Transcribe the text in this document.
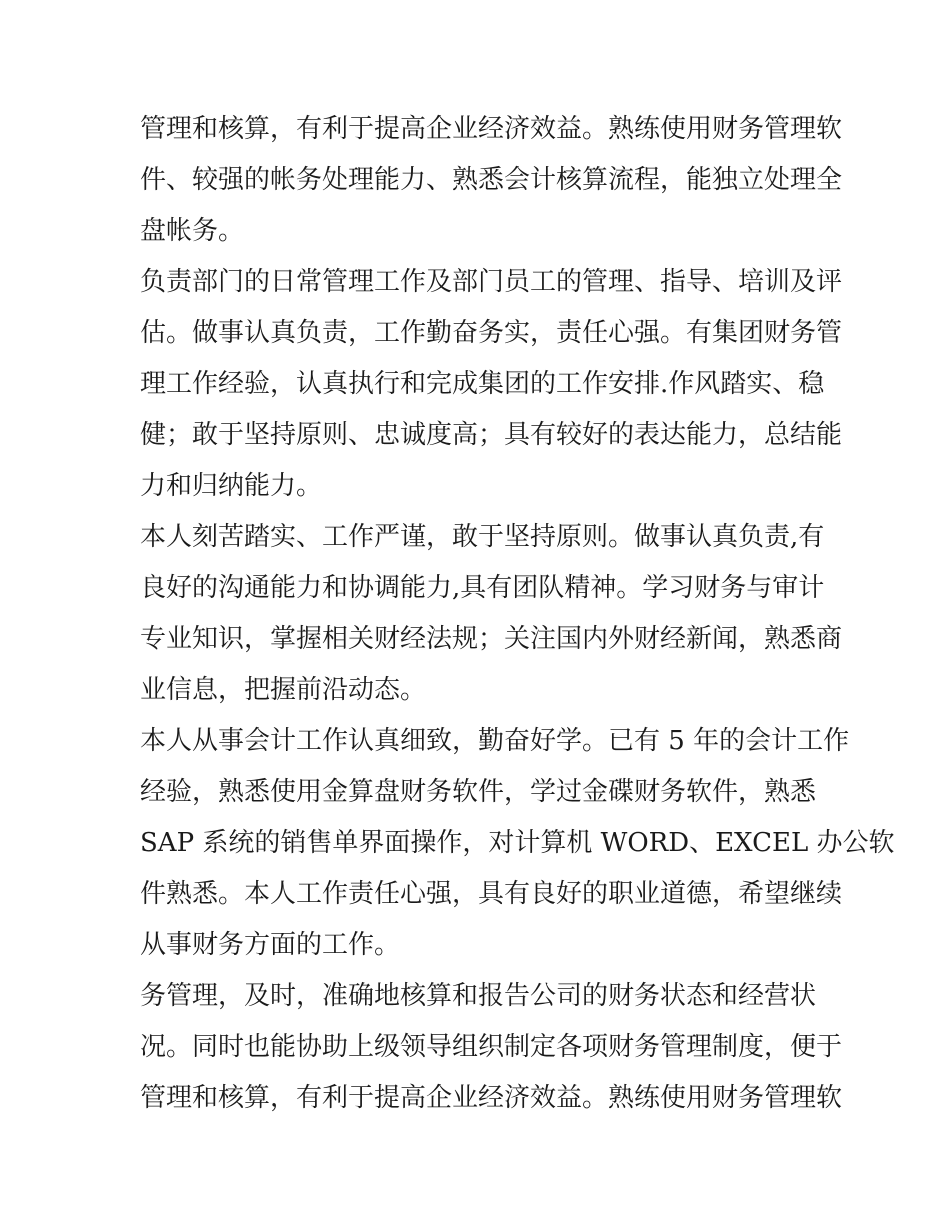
管理和核算，有利于提高企业经济效益。熟练使用财务管理软
件、较强的帐务处理能力、熟悉会计核算流程，能独立处理全
盘帐务。
负责部门的日常管理工作及部门员工的管理、指导、培训及评
估。做事认真负责，工作勤奋务实，责任心强。有集团财务管
理工作经验，认真执行和完成集团的工作安排.作风踏实、稳
健；敢于坚持原则、忠诚度高；具有较好的表达能力，总结能
力和归纳能力。
本人刻苦踏实、工作严谨，敢于坚持原则。做事认真负责,有
良好的沟通能力和协调能力,具有团队精神。学习财务与审计
专业知识，掌握相关财经法规；关注国内外财经新闻，熟悉商
业信息，把握前沿动态。
本人从事会计工作认真细致，勤奋好学。已有 5 年的会计工作
经验，熟悉使用金算盘财务软件，学过金碟财务软件，熟悉
SAP 系统的销售单界面操作，对计算机 WORD、EXCEL 办公软
件熟悉。本人工作责任心强，具有良好的职业道德，希望继续
从事财务方面的工作。
务管理，及时，准确地核算和报告公司的财务状态和经营状
况。同时也能协助上级领导组织制定各项财务管理制度，便于
管理和核算，有利于提高企业经济效益。熟练使用财务管理软
